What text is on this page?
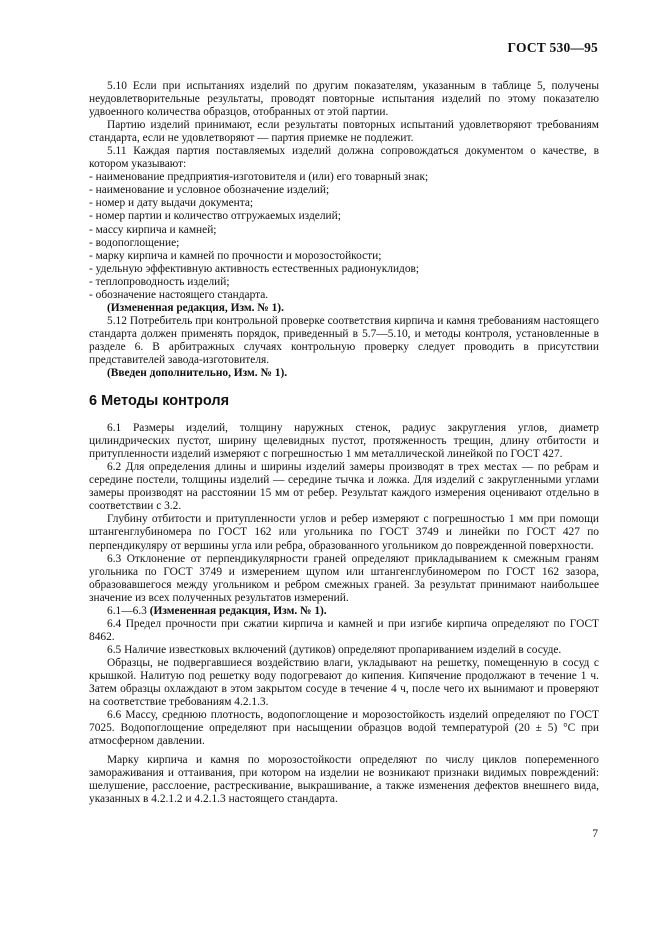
ГОСТ 530—95

5.10 Если при испытаниях изделий по другим показателям, указанным в таблице 5, получены неудовлетворительные результаты, проводят повторные испытания изделий по этому показателю удвоенного количества образцов, отобранных от этой партии.

Партию изделий принимают, если результаты повторных испытаний удовлетворяют требованиям стандарта, если не удовлетворяют — партия приемке не подлежит.

5.11 Каждая партия поставляемых изделий должна сопровождаться документом о качестве, в котором указывают:

- наименование предприятия-изготовителя и (или) его товарный знак;
- наименование и условное обозначение изделий;
- номер и дату выдачи документа;
- номер партии и количество отгружаемых изделий;
- массу кирпича и камней;
- водопоглощение;
- марку кирпича и камней по прочности и морозостойкости;
- удельную эффективную активность естественных радионуклидов;
- теплопроводность изделий;
- обозначение настоящего стандарта.

(Измененная редакция, Изм. № 1).

5.12 Потребитель при контрольной проверке соответствия кирпича и камня требованиям настоящего стандарта должен применять порядок, приведенный в 5.7—5.10, и методы контроля, установленные в разделе 6. В арбитражных случаях контрольную проверку следует проводить в присутствии представителей завода-изготовителя.

(Введен дополнительно, Изм. № 1).

6 Методы контроля

6.1 Размеры изделий, толщину наружных стенок, радиус закругления углов, диаметр цилиндрических пустот, ширину щелевидных пустот, протяженность трещин, длину отбитости и притупленности изделий измеряют с погрешностью 1 мм металлической линейкой по ГОСТ 427.

6.2 Для определения длины и ширины изделий замеры производят в трех местах — по ребрам и середине постели, толщины изделий — середине тычка и ложка. Для изделий с закругленными углами замеры производят на расстоянии 15 мм от ребер. Результат каждого измерения оценивают отдельно в соответствии с 3.2.

Глубину отбитости и притупленности углов и ребер измеряют с погрешностью 1 мм при помощи штангенглубиномера по ГОСТ 162 или угольника по ГОСТ 3749 и линейки по ГОСТ 427 по перпендикуляру от вершины угла или ребра, образованного угольником до поврежденной поверхности.

6.3 Отклонение от перпендикулярности граней определяют прикладыванием к смежным граням угольника по ГОСТ 3749 и измерением щупом или штангенглубиномером по ГОСТ 162 зазора, образовавшегося между угольником и ребром смежных граней. За результат принимают наибольшее значение из всех полученных результатов измерений.

6.1—6.3 (Измененная редакция, Изм. № 1).

6.4 Предел прочности при сжатии кирпича и камней и при изгибе кирпича определяют по ГОСТ 8462.

6.5 Наличие известковых включений (дутиков) определяют пропариванием изделий в сосуде.

Образцы, не подвергавшиеся воздействию влаги, укладывают на решетку, помещенную в сосуд с крышкой. Налитую под решетку воду подогревают до кипения. Кипячение продолжают в течение 1 ч. Затем образцы охлаждают в этом закрытом сосуде в течение 4 ч, после чего их вынимают и проверяют на соответствие требованиям 4.2.1.3.

6.6 Массу, среднюю плотность, водопоглощение и морозостойкость изделий определяют по ГОСТ 7025. Водопоглощение определяют при насыщении образцов водой температурой (20 ± 5) °С при атмосферном давлении.

Марку кирпича и камня по морозостойкости определяют по числу циклов попеременного замораживания и оттаивания, при котором на изделии не возникают признаки видимых повреждений: шелушение, расслоение, растрескивание, выкрашивание, а также изменения дефектов внешнего вида, указанных в 4.2.1.2 и 4.2.1.3 настоящего стандарта.

7
